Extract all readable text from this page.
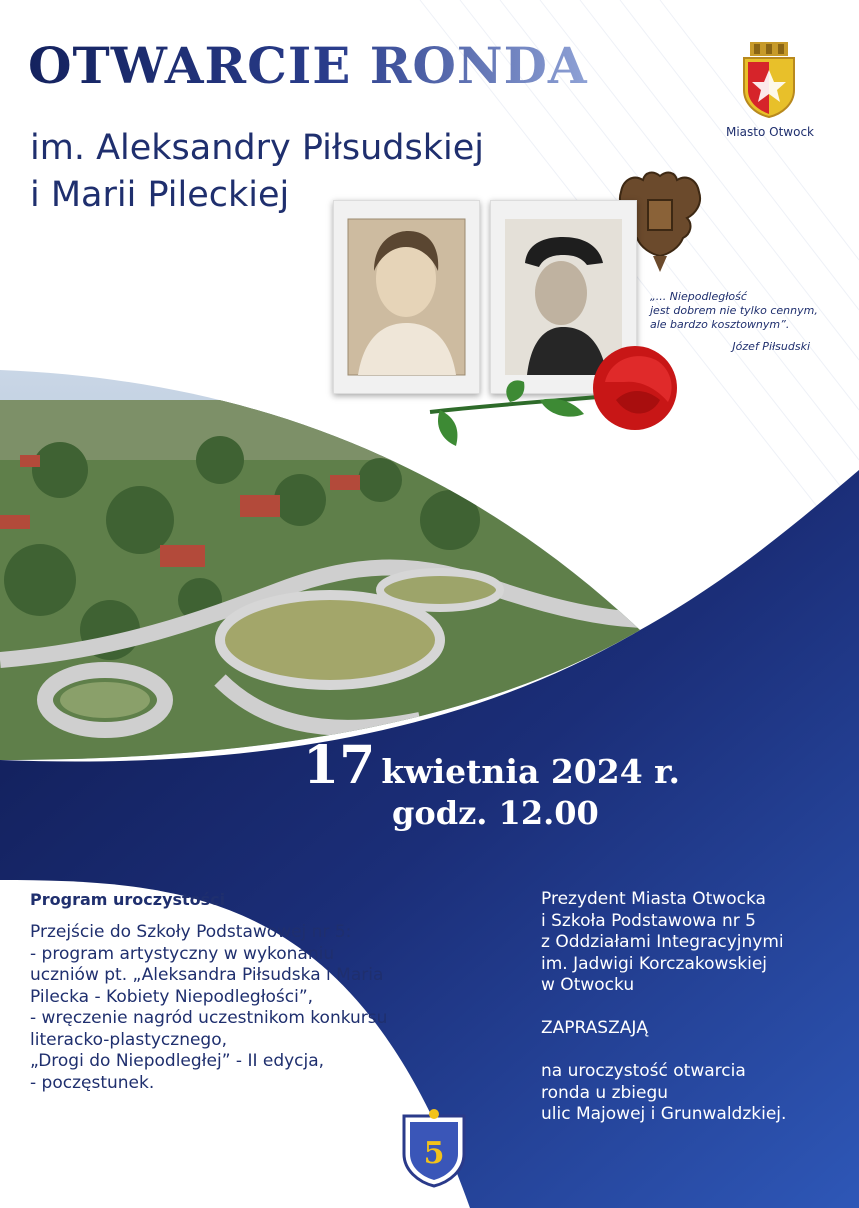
OTWARCIE RONDA
im. Aleksandry Piłsudskiej
i Marii Pileckiej
Miasto Otwock
„... Niepodległość
jest dobrem nie tylko cennym,
ale bardzo kosztownym”.
Józef Piłsudski
17 kwietnia 2024 r.
godz. 12.00
Program uroczystości
Przejście do Szkoły Podstawowej nr 5:
- program artystyczny w wykonaniu
uczniów pt. „Aleksandra Piłsudska i Maria
Pilecka - Kobiety Niepodległości”,
- wręczenie nagród uczestnikom konkursu
literacko-plastycznego,
„Drogi do Niepodległej” - II edycja,
- poczęstunek.
Prezydent Miasta Otwocka
i Szkoła Podstawowa nr 5
z Oddziałami Integracyjnymi
im. Jadwigi Korczakowskiej
w Otwocku
ZAPRASZAJĄ
na uroczystość otwarcia
ronda u zbiegu
ulic Majowej i Grunwaldzkiej.
5
